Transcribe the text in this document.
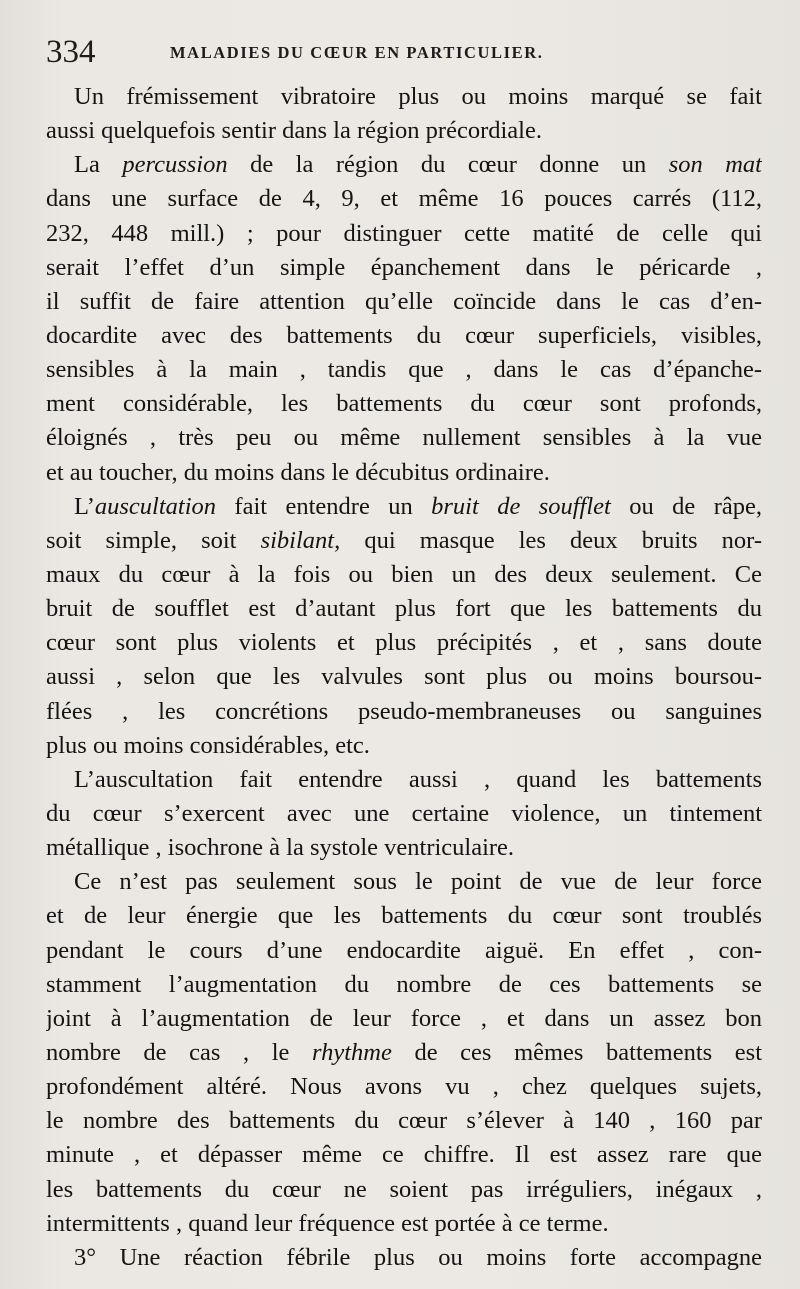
334	MALADIES DU CŒUR EN PARTICULIER.
Un frémissement vibratoire plus ou moins marqué se fait
aussi quelquefois sentir dans la région précordiale.
La percussion de la région du cœur donne un son mat
dans une surface de 4, 9, et même 16 pouces carrés (112,
232, 448 mill.) ; pour distinguer cette matité de celle qui
serait l’effet d’un simple épanchement dans le péricarde ,
il suffit de faire attention qu’elle coïncide dans le cas d’en-
docardite avec des battements du cœur superficiels, visibles,
sensibles à la main , tandis que , dans le cas d’épanche-
ment considérable, les battements du cœur sont profonds,
éloignés , très peu ou même nullement sensibles à la vue
et au toucher, du moins dans le décubitus ordinaire.
L’auscultation fait entendre un bruit de soufflet ou de râpe,
soit simple, soit sibilant, qui masque les deux bruits nor-
maux du cœur à la fois ou bien un des deux seulement. Ce
bruit de soufflet est d’autant plus fort que les battements du
cœur sont plus violents et plus précipités , et , sans doute
aussi , selon que les valvules sont plus ou moins boursou-
flées , les concrétions pseudo-membraneuses ou sanguines
plus ou moins considérables, etc.
L’auscultation fait entendre aussi , quand les battements
du cœur s’exercent avec une certaine violence, un tintement
métallique , isochrone à la systole ventriculaire.
Ce n’est pas seulement sous le point de vue de leur force
et de leur énergie que les battements du cœur sont troublés
pendant le cours d’une endocardite aiguë. En effet , con-
stamment l’augmentation du nombre de ces battements se
joint à l’augmentation de leur force , et dans un assez bon
nombre de cas , le rhythme de ces mêmes battements est
profondément altéré. Nous avons vu , chez quelques sujets,
le nombre des battements du cœur s’élever à 140 , 160 par
minute , et dépasser même ce chiffre. Il est assez rare que
les battements du cœur ne soient pas irréguliers, inégaux ,
intermittents , quand leur fréquence est portée à ce terme.
3° Une réaction fébrile plus ou moins forte accompagne
